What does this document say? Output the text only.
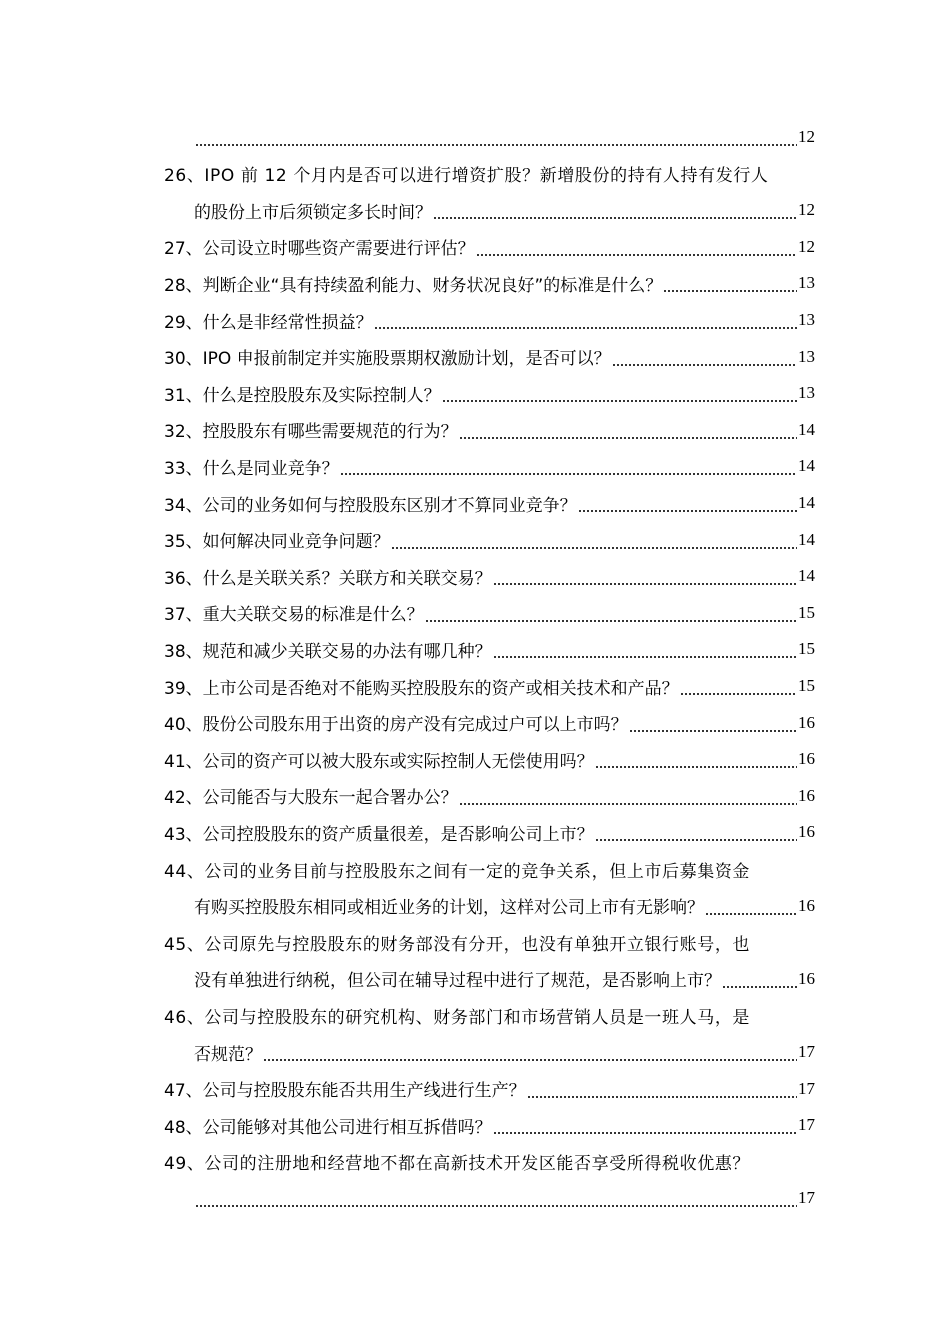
12
26、IPO 前 12 个月内是否可以进行增资扩股？新增股份的持有人持有发行人
的股份上市后须锁定多长时间？	12
27、公司设立时哪些资产需要进行评估？	12
28、判断企业“具有持续盈利能力、财务状况良好”的标准是什么？	13
29、什么是非经常性损益？	13
30、IPO 申报前制定并实施股票期权激励计划，是否可以？	13
31、什么是控股股东及实际控制人？	13
32、控股股东有哪些需要规范的行为？	14
33、什么是同业竞争？	14
34、公司的业务如何与控股股东区别才不算同业竞争？	14
35、如何解决同业竞争问题？	14
36、什么是关联关系？关联方和关联交易？	14
37、重大关联交易的标准是什么？	15
38、规范和减少关联交易的办法有哪几种？	15
39、上市公司是否绝对不能购买控股股东的资产或相关技术和产品？	15
40、股份公司股东用于出资的房产没有完成过户可以上市吗？	16
41、公司的资产可以被大股东或实际控制人无偿使用吗？	16
42、公司能否与大股东一起合署办公？	16
43、公司控股股东的资产质量很差，是否影响公司上市？	16
44、公司的业务目前与控股股东之间有一定的竞争关系，但上市后募集资金
有购买控股股东相同或相近业务的计划，这样对公司上市有无影响？	16
45、公司原先与控股股东的财务部没有分开，也没有单独开立银行账号，也
没有单独进行纳税，但公司在辅导过程中进行了规范，是否影响上市？	16
46、公司与控股股东的研究机构、财务部门和市场营销人员是一班人马，是
否规范？	17
47、公司与控股股东能否共用生产线进行生产？	17
48、公司能够对其他公司进行相互拆借吗？	17
49、公司的注册地和经营地不都在高新技术开发区能否享受所得税收优惠？
17
